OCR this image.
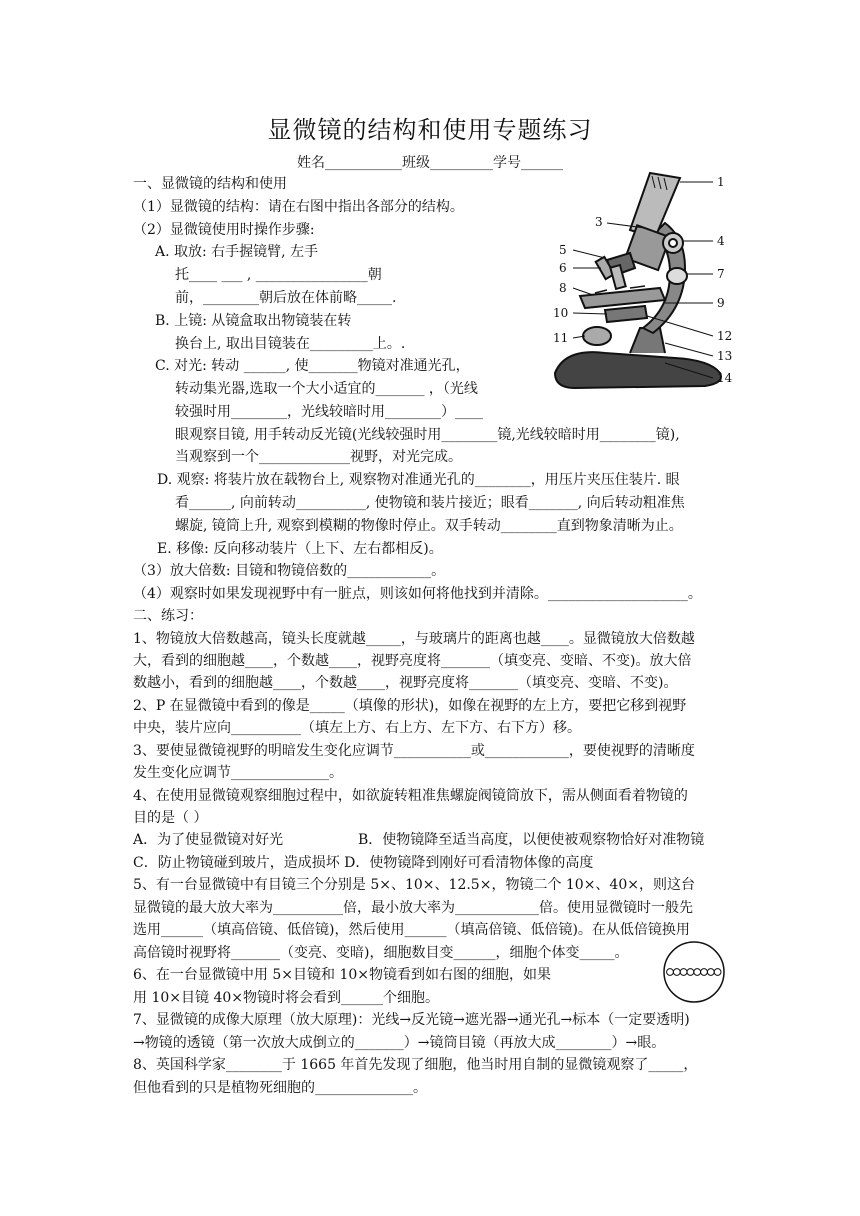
显微镜的结构和使用专题练习
姓名___________班级_________学号______
一、显微镜的结构和使用
（1）显微镜的结构：请在右图中指出各部分的结构。
（2）显微镜使用时操作步骤:
A. 取放: 右手握镜臂, 左手
托____ ___ , ________________朝
前，________朝后放在体前略_____.
B. 上镜: 从镜盒取出物镜装在转
换台上, 取出目镜装在_________上。.
C. 对光: 转动 ______, 使_______物镜对准通光孔，
转动集光器,选取一个大小适宜的_______ ，（光线
较强时用________，光线较暗时用________）____
眼观察目镜, 用手转动反光镜(光线较强时用________镜,光线较暗时用________镜),
当观察到一个_____________视野，对光完成。
D. 观察: 将装片放在载物台上, 观察物对准通光孔的________，用压片夹压住装片. 眼
看______, 向前转动__________, 使物镜和装片接近；眼看_______, 向后转动粗准焦
螺旋, 镜筒上升, 观察到模糊的物像时停止。双手转动________直到物象清晰为止。
E. 移像: 反向移动装片（上下、左右都相反)。
（3）放大倍数: 目镜和物镜倍数的____________。
（4）观察时如果发现视野中有一脏点，则该如何将他找到并清除。____________________。
二、练习：
1、物镜放大倍数越高，镜头长度就越_____，与玻璃片的距离也越____。显微镜放大倍数越
大，看到的细胞越____，个数越____，视野亮度将_______（填变亮、变暗、不变)。放大倍
数越小，看到的细胞越____，个数越____，视野亮度将_______（填变亮、变暗、不变)。
2、P 在显微镜中看到的像是_____（填像的形状)，如像在视野的左上方，要把它移到视野
中央，装片应向__________（填左上方、右上方、左下方、右下方）移。
3、要使显微镜视野的明暗发生变化应调节___________或____________，要使视野的清晰度
发生变化应调节______________。
4、在使用显微镜观察细胞过程中，如欲旋转粗准焦螺旋阀镜筒放下，需从侧面看着物镜的
目的是（ ）
A．为了使显微镜对好光	B．使物镜降至适当高度，以便使被观察物恰好对准物镜
C．防止物镜碰到玻片，造成损坏 D．使物镜降到刚好可看清物体像的高度
5、有一台显微镜中有目镜三个分别是 5×、10×、12.5×，物镜二个 10×、40×，则这台
显微镜的最大放大率为__________倍，最小放大率为____________倍。使用显微镜时一般先
选用______（填高倍镜、低倍镜)，然后使用______（填高倍镜、低倍镜)。在从低倍镜换用
高倍镜时视野将_______（变亮、变暗)，细胞数目变______，细胞个体变_____。
6、在一台显微镜中用 5×目镜和 10×物镜看到如右图的细胞，如果
用 10×目镜 40×物镜时将会看到______个细胞。
7、显微镜的成像大原理（放大原理)：光线→反光镜→遮光器→通光孔→标本（一定要透明)
→物镜的透镜（第一次放大成倒立的_______）→镜筒目镜（再放大成________）→眼。
8、英国科学家________于 1665 年首先发现了细胞，他当时用自制的显微镜观察了_____，
但他看到的只是植物死细胞的______________。
1
3
4
5
6	7
8
9
10
12
11
13
14
